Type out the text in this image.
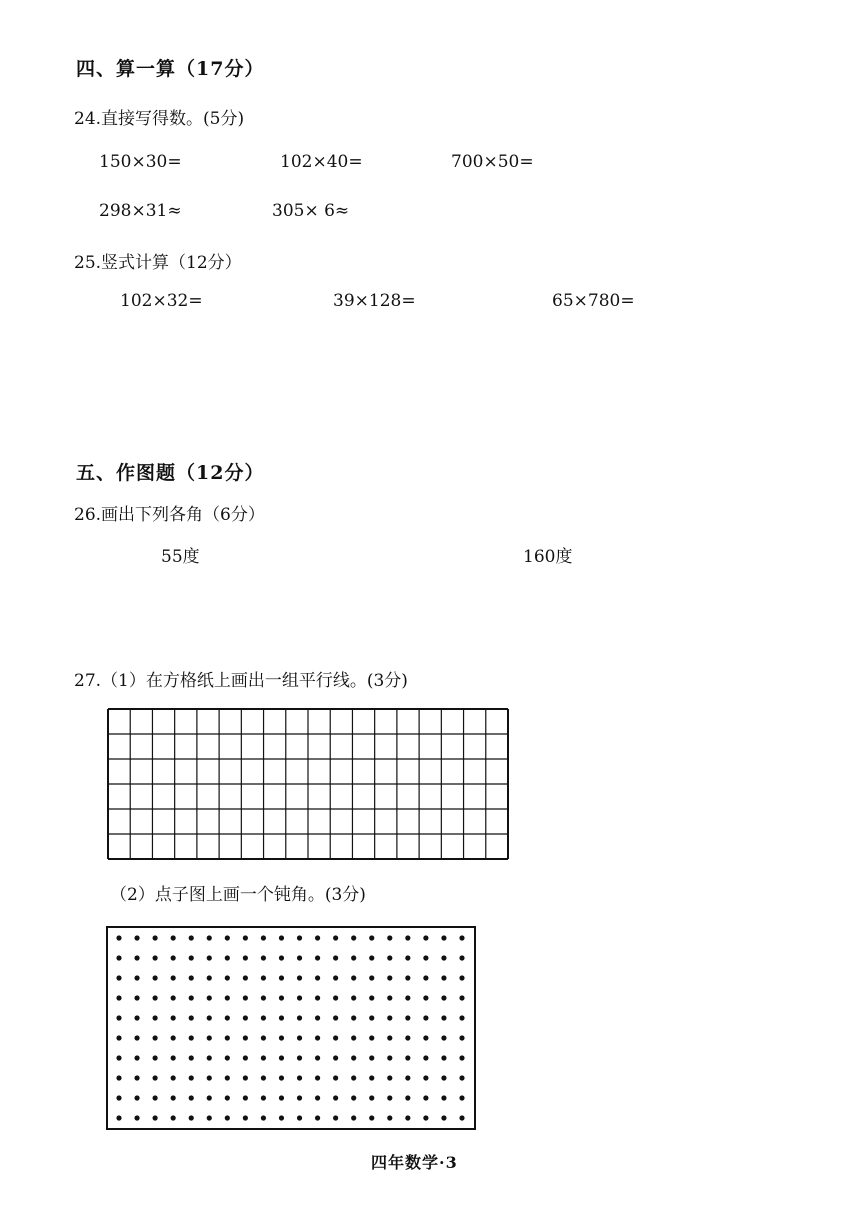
四、算一算（17分）
24.直接写得数。(5分)
150×30=	102×40=	700×50=
298×31≈	305× 6≈
25.竖式计算（12分）
102×32=	39×128=	65×780=
五、作图题（12分）
26.画出下列各角（6分）
55度	160度
27.（1）在方格纸上画出一组平行线。(3分)
（2）点子图上画一个钝角。(3分)
四年数学·3
